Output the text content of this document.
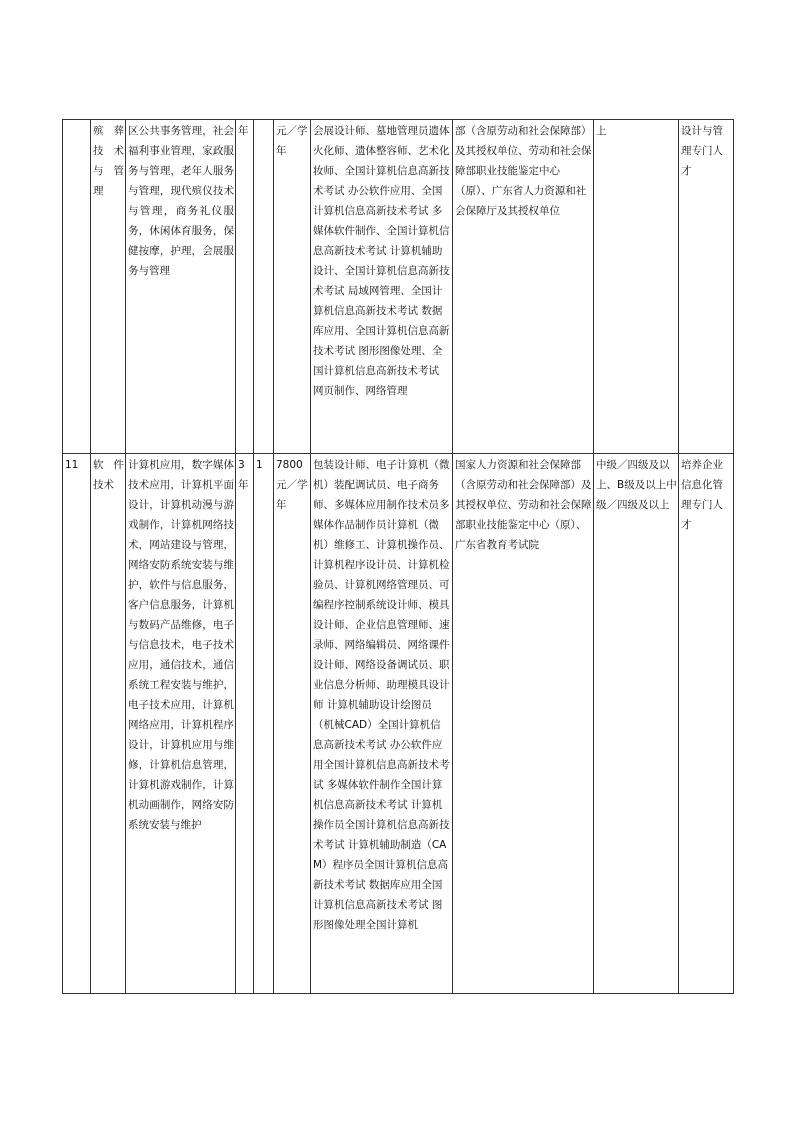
	殡葬技术与管理	区公共事务管理，社会福利事业管理，家政服务与管理，老年人服务与管理，现代殡仪技术与管理，商务礼仪服务，休闲体育服务，保健按摩，护理，会展服务与管理	年		元／学年	会展设计师、墓地管理员遗体火化师、遗体整容师、艺术化妆师、全国计算机信息高新技术考试 办公软件应用、全国计算机信息高新技术考试 多媒体软件制作、全国计算机信息高新技术考试 计算机辅助设计、全国计算机信息高新技术考试 局域网管理、全国计算机信息高新技术考试 数据库应用、全国计算机信息高新技术考试 图形图像处理、全国计算机信息高新技术考试 网页制作、网络管理	部（含原劳动和社会保障部）及其授权单位、劳动和社会保障部职业技能鉴定中心（原）、广东省人力资源和社会保障厅及其授权单位	上	设计与管理专门人才
11	软件技术	计算机应用，数字媒体技术应用，计算机平面设计，计算机动漫与游戏制作，计算机网络技术，网站建设与管理，网络安防系统安装与维护，软件与信息服务，客户信息服务，计算机与数码产品维修，电子与信息技术，电子技术应用，通信技术，通信系统工程安装与维护，电子技术应用，计算机网络应用，计算机程序设计，计算机应用与维修，计算机信息管理，计算机游戏制作，计算机动画制作，网络安防系统安装与维护	3年	1	7800元／学年	包装设计师、电子计算机（微机）装配调试员、电子商务师、多媒体应用制作技术员多媒体作品制作员计算机（微机）维修工、计算机操作员、计算机程序设计员、计算机检验员、计算机网络管理员、可编程序控制系统设计师、模具设计师、企业信息管理师、速录师、网络编辑员、网络课件设计师、网络设备调试员、职业信息分析师、助理模具设计师 计算机辅助设计绘图员（机械CAD）全国计算机信息高新技术考试 办公软件应用全国计算机信息高新技术考试 多媒体软件制作全国计算机信息高新技术考试 计算机操作员全国计算机信息高新技术考试 计算机辅助制造（CAM）程序员全国计算机信息高新技术考试 数据库应用全国计算机信息高新技术考试 图形图像处理全国计算机	国家人力资源和社会保障部（含原劳动和社会保障部）及其授权单位、劳动和社会保障部职业技能鉴定中心（原）、广东省教育考试院	中级／四级及以上、B级及以上中级／四级及以上	培养企业信息化管理专门人才
